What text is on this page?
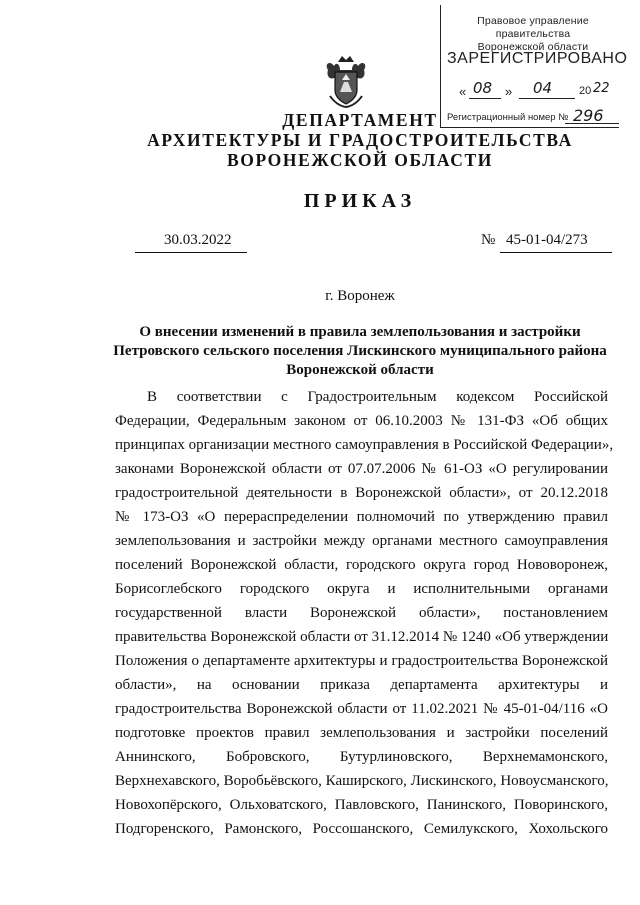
Правовое управление правительства
Воронежской области
ЗАРЕГИСТРИРОВАНО
« 08 » 04 20 22
Регистрационный номер № 296
ДЕПАРТАМЕНТ
АРХИТЕКТУРЫ И ГРАДОСТРОИТЕЛЬСТВА
ВОРОНЕЖСКОЙ ОБЛАСТИ
ПРИКАЗ
30.03.2022	№ 45-01-04/273
г. Воронеж
О внесении изменений в правила землепользования и застройки
Петровского сельского поселения Лискинского муниципального района
Воронежской области
В соответствии с Градостроительным кодексом Российской
Федерации, Федеральным законом от 06.10.2003 № 131-ФЗ «Об общих
принципах организации местного самоуправления в Российской Федерации»,
законами Воронежской области от 07.07.2006 № 61-ОЗ «О регулировании
градостроительной деятельности в Воронежской области», от 20.12.2018
№ 173-ОЗ «О перераспределении полномочий по утверждению правил
землепользования и застройки между органами местного самоуправления
поселений Воронежской области, городского округа город Нововоронеж,
Борисоглебского городского округа и исполнительными органами
государственной власти Воронежской области», постановлением
правительства Воронежской области от 31.12.2014 № 1240 «Об утверждении
Положения о департаменте архитектуры и градостроительства Воронежской
области», на основании приказа департамента архитектуры и
градостроительства Воронежской области от 11.02.2021 № 45-01-04/116 «О
подготовке проектов правил землепользования и застройки поселений
Аннинского, Бобровского, Бутурлиновского, Верхнемамонского,
Верхнехавского, Воробьёвского, Каширского, Лискинского, Новоусманского,
Новохопёрского, Ольховатского, Павловского, Панинского, Поворинского,
Подгоренского, Рамонского, Россошанского, Семилукского, Хохольского
